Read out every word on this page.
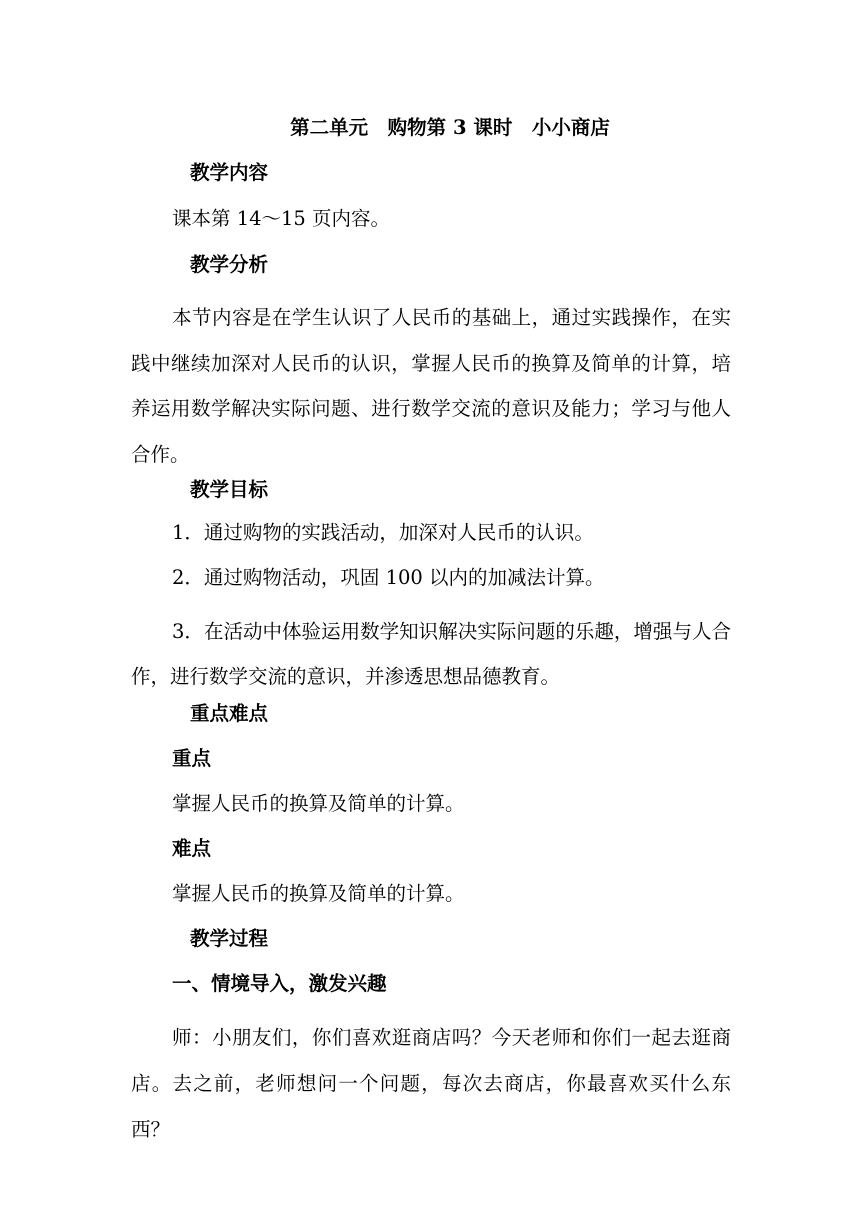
第二单元　购物第 3 课时　小小商店

教学内容

课本第 14～15 页内容。

教学分析

本节内容是在学生认识了人民币的基础上，通过实践操作，在实践中继续加深对人民币的认识，掌握人民币的换算及简单的计算，培养运用数学解决实际问题、进行数学交流的意识及能力；学习与他人合作。

教学目标

1．通过购物的实践活动，加深对人民币的认识。

2．通过购物活动，巩固 100 以内的加减法计算。

3．在活动中体验运用数学知识解决实际问题的乐趣，增强与人合作，进行数学交流的意识，并渗透思想品德教育。

重点难点

重点

掌握人民币的换算及简单的计算。

难点

掌握人民币的换算及简单的计算。

教学过程

一、情境导入，激发兴趣

师：小朋友们，你们喜欢逛商店吗？今天老师和你们一起去逛商店。去之前，老师想问一个问题，每次去商店，你最喜欢买什么东西？
